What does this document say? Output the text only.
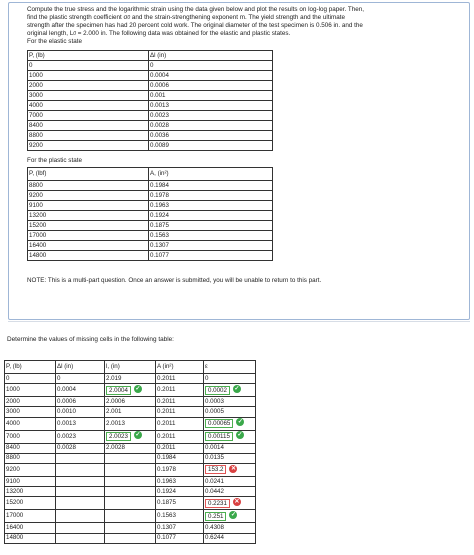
Compute the true stress and the logarithmic strain using the data given below and plot the results on log-log paper. Then,
find the plastic strength coefficient σ0 and the strain-strengthening exponent m. The yield strength and the ultimate
strength after the specimen has had 20 percent cold work. The original diameter of the test specimen is 0.506 in. and the
original length, L0 = 2.000 in. The following data was obtained for the elastic and plastic states.
For the elastic state
P, (lb)	Δl (in)
0	0
1000	0.0004
2000	0.0006
3000	0.001
4000	0.0013
7000	0.0023
8400	0.0028
8800	0.0036
9200	0.0089
For the plastic state
P, (lbf)	A, (in²)
8800	0.1984
9200	0.1978
9100	0.1963
13200	0.1924
15200	0.1875
17000	0.1563
16400	0.1307
14800	0.1077
NOTE: This is a multi-part question. Once an answer is submitted, you will be unable to return to this part.
Determine the values of missing cells in the following table:
P, (lb)	Δl (in)	l, (in)	A (in²)	ε
0	0	2.019	0.2011	0
1000	0.0004	2.0004 ✓	0.2011	0.0002 ✓
2000	0.0006	2.0006	0.2011	0.0003
3000	0.0010	2.001	0.2011	0.0005
4000	0.0013	2.0013	0.2011	0.00065 ✓
7000	0.0023	2.0023 ✓	0.2011	0.00115 ✓
8400	0.0028	2.0028	0.2011	0.0014
8800			0.1984	0.0135
9200			0.1978	153.2 ✕
9100			0.1963	0.0241
13200			0.1924	0.0442
15200			0.1875	0.2231 ✕
17000			0.1563	0.251 ✓
16400			0.1307	0.4308
14800			0.1077	0.6244
